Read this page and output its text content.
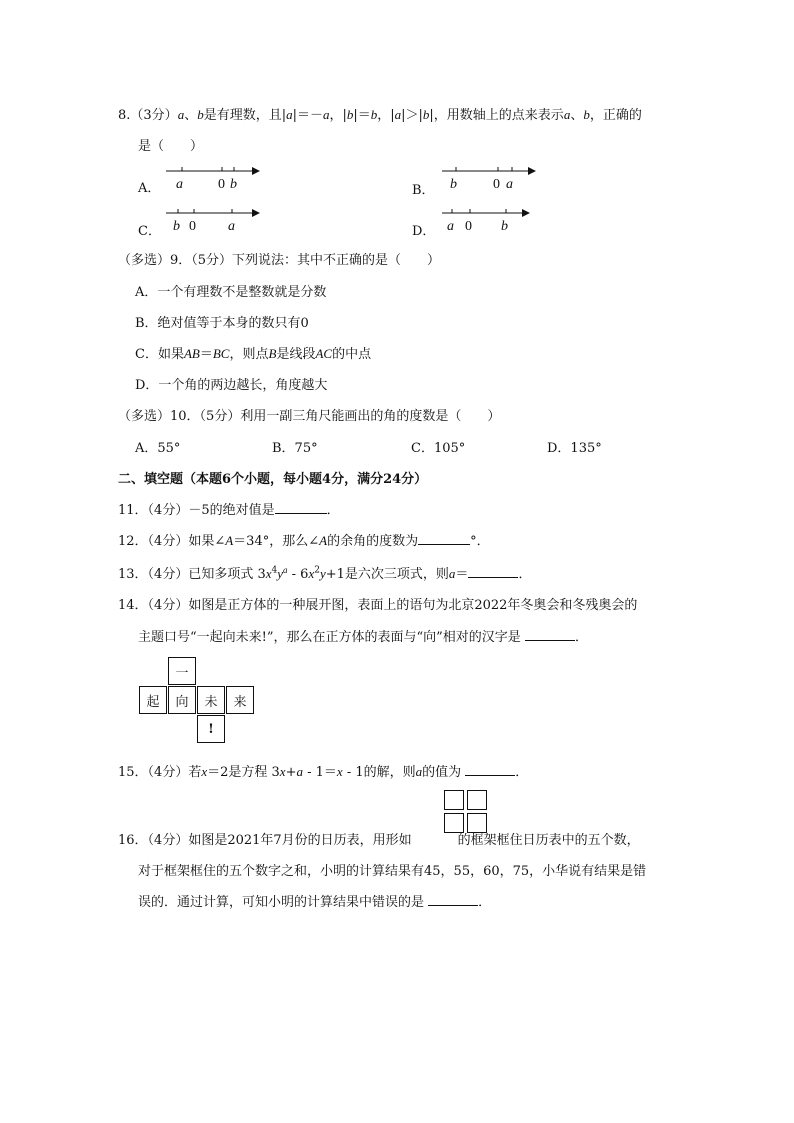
8.（3分）a、b是有理数，且|a|＝－a，|b|＝b，|a|＞|b|，用数轴上的点来表示a、b，正确的
是（　　）
A． a	0 b	B． b	0 a
C． b 0 a	D． a 0 b
（多选）9．（5分）下列说法：其中不正确的是（　　）
A．一个有理数不是整数就是分数
B．绝对值等于本身的数只有0
C．如果AB＝BC，则点B是线段AC的中点
D．一个角的两边越长，角度越大
（多选）10．（5分）利用一副三角尺能画出的角的度数是（　　）
A．55°	B．75°	C．105°	D．135°
二、填空题（本题6个小题，每小题4分，满分24分）
11．（4分）－5的绝对值是	．
12．（4分）如果∠A＝34°，那么∠A的余角的度数为	°．
13．（4分）已知多项式 $3x^4y^a - 6x^2y+1$是六次三项式，则a＝	．
14．（4分）如图是正方体的一种展开图，表面上的语句为北京2022年冬奥会和冬残奥会的
主题口号“一起向未来!”，那么在正方体的表面与“向”相对的汉字是	．
一
起	向	未	来
!
15．（4分）若x＝2是方程 3x+a - 1＝x - 1的解，则a的值为	．
16．（4分）如图是2021年7月份的日历表，用形如	的框架框住日历表中的五个数，
对于框架框住的五个数字之和，小明的计算结果有45，55，60，75，小华说有结果是错
误的．通过计算，可知小明的计算结果中错误的是	．
